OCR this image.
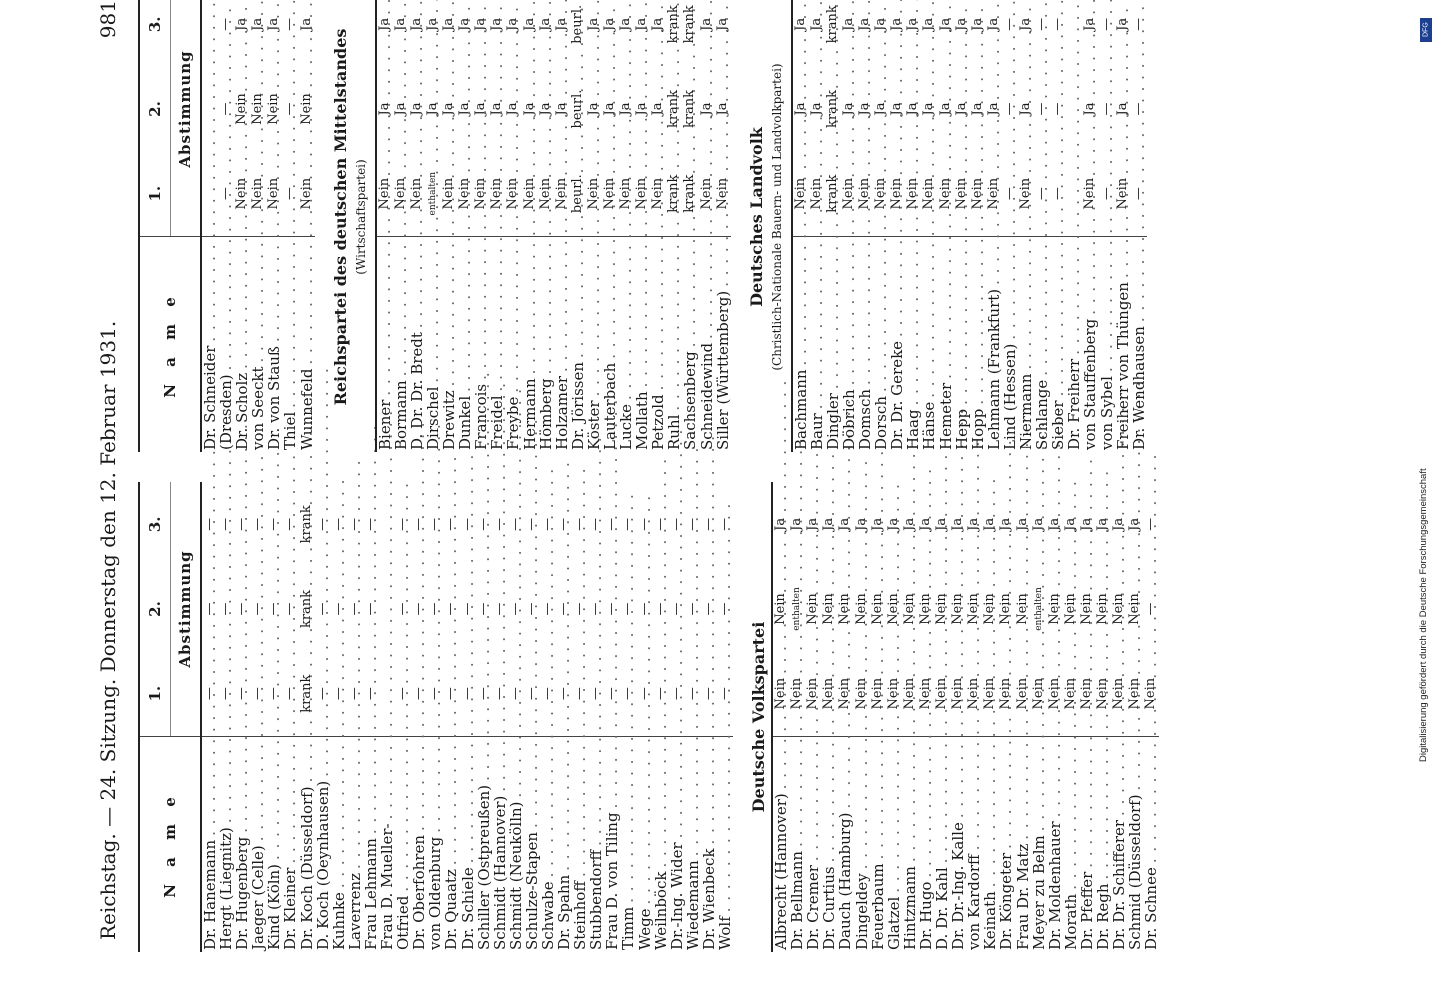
Reichstag. — 24. Sitzung. Donnerstag den 12. Februar 1931.
981
N a m e
1.
2.
3.
Abstimmung
Dr. Hanemann . . .
—
—
—
Hergt (Liegnitz) . . .
—
—
—
Dr. Hugenberg . . .
—
—
—
Jaeger (Celle) . . .
—
—
—
Kind (Köln) . . .
—
—
—
Dr. Kleiner . . .
—
—
—
Dr. Koch (Düsseldorf) . . .
krank
krank
krank
D. Koch (Oeynhausen) . . .
—
—
—
Kuhnke . . .
—
—
—
Laverrenz . . .
—
—
—
Frau Lehmann . . .
—
—
—
Frau D. Mueller- . . .
Otfried . . .
—
—
—
Dr. Oberfohren . . .
—
—
—
von Oldenburg . . .
—
—
—
Dr. Quaatz . . .
—
—
—
Dr. Schiele . . .
—
—
—
Schiller (Ostpreußen) . . .
—
—
—
Schmidt (Hannover) . . .
—
—
—
Schmidt (Neukölln) . . .
—
—
—
Schulze-Stapen . . .
—
—
—
Schwabe . . .
—
—
—
Dr. Spahn . . .
—
—
—
Steinhoff . . .
—
—
—
Stubbendorff . . .
—
—
—
Frau D. von Tiling . . .
—
—
—
Timm . . .
—
—
—
Wege . . .
—
—
—
Weilnböck . . .
—
—
—
Dr.-Ing. Wider . . .
—
—
—
Wiedemann . . .
—
—
—
Dr. Wienbeck . . .
—
—
—
Wolf . . .
—
—
—
Deutsche Volkspartei
Albrecht (Hannover) . . .
Nein
Nein
Ja
Dr. Bellmann . . .
Nein
enthalten
Ja
Dr. Cremer . . .
Nein
Nein
Ja
Dr. Curtius . . .
Nein
Nein
Ja
Dauch (Hamburg) . . .
Nein
Nein
Ja
Dingeldey . . .
Nein
Nein
Ja
Feuerbaum . . .
Nein
Nein
Ja
Glatzel . . .
Nein
Nein
Ja
Hintzmann . . .
Nein
Nein
Ja
Dr. Hugo . . .
Nein
Nein
Ja
D. Dr. Kahl . . .
Nein
Nein
Ja
Dr. Dr.-Ing. Kalle . . .
Nein
Nein
Ja
von Kardorff . . .
Nein
Nein
Ja
Keinath . . .
Nein
Nein
Ja
Dr. Köngeter . . .
Nein
Nein
Ja
Frau Dr. Matz . . .
Nein
Nein
Ja
Meyer zu Belm . . .
Nein
enthalten
Ja
Dr. Moldenhauer . . .
Nein
Nein
Ja
Morath . . .
Nein
Nein
Ja
Dr. Pfeffer . . .
Nein
Nein
Ja
Dr. Regh . . .
Nein
Nein
Ja
Dr. Dr. Schifferer . . .
Nein
Nein
Ja
Schmid (Düsseldorf) . . .
Nein
Nein
Ja
Dr. Schnee . . .
Nein
—
—
N a m e
1.
2.
3.
Abstimmung
Dr. Schneider . . .
(Dresden) . . .
—
—
—
Dr. Scholz . . .
Nein
Nein
Ja
von Seeckt . . .
Nein
Nein
Ja
Dr. von Stauß . . .
Nein
Nein
Ja
Thiel . . .
—
—
—
Wunnefeld . . .
Nein
Nein
Ja
Reichspartei des deutschen Mittelstandes (Wirtschaftspartei)
Biener . . .
Nein
Ja
Ja
Bormann . . .
Nein
Ja
Ja
D. Dr. Dr. Bredt . . .
Nein
Ja
Ja
Dirschel . . .
enthalten
Ja
Ja
Drewitz . . .
Nein
Ja
Ja
Dunkel . . .
Nein
Ja
Ja
Francois . . .
Nein
Ja
Ja
Freidel . . .
Nein
Ja
Ja
Freybe . . .
Nein
Ja
Ja
Hermann . . .
Nein
Ja
Ja
Hömberg . . .
Nein
Ja
Ja
Holzamer . . .
Nein
Ja
Ja
Dr. Jörissen . . .
beurl.
beurl.
beurl.
Köster . . .
Nein
Ja
Ja
Lauterbach . . .
Nein
Ja
Ja
Lucke . . .
Nein
Ja
Ja
Mollath . . .
Nein
Ja
Ja
Petzold . . .
Nein
Ja
Ja
Ruhl . . .
krank
krank
krank
Sachsenberg . . .
krank
krank
krank
Schneidewind . . .
Nein
Ja
Ja
Siller (Württemberg) . . .
Nein
Ja
Ja
Deutsches Landvolk (Christlich-Nationale Bauern- und Landvolkpartei)
Bachmann . . .
Nein
Ja
Ja
Baur . . .
Nein
Ja
Ja
Dingler . . .
krank
krank
krank
Döbrich . . .
Nein
Ja
Ja
Domsch . . .
Nein
Ja
Ja
Dorsch . . .
Nein
Ja
Ja
Dr. Dr. Gereke . . .
Nein
Ja
Ja
Haag . . .
Nein
Ja
Ja
Hänse . . .
Nein
Ja
Ja
Hemeter . . .
Nein
Ja
Ja
Hepp . . .
Nein
Ja
Ja
Hopp . . .
Nein
Ja
Ja
Lehmann (Frankfurt) . . .
Nein
Ja
Ja
Lind (Hessen) . . .
—
—
—
Niermann . . .
Nein
Ja
Ja
Schlange . . .
—
—
—
Sieber . . .
—
—
—
Dr. Freiherr . . .
von Stauffenberg . . .
Nein
Ja
Ja
von Sybel . . .
—
—
—
Freiherr von Thüngen . . .
Nein
Ja
Ja
Dr. Wendhausen . . .
—
—
—
Digitalisierung gefördert durch die Deutsche Forschungsgemeinschaft
DFG
